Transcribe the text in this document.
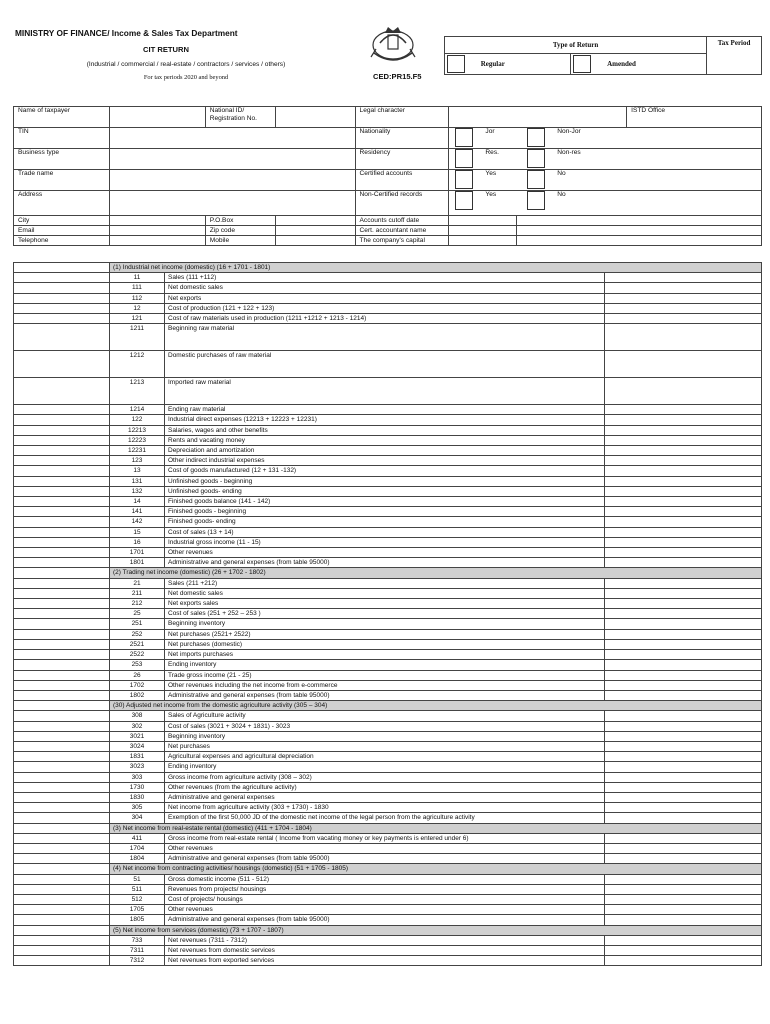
MINISTRY OF FINANCE/ Income & Sales Tax Department
CIT RETURN
(Industrial / commercial / real-estate / contractors / services / others)
For tax periods 2020 and beyond	CED:PR15.F5
Type of Return		Tax Period
Regular	Amended	
Name of taxpayer		National ID/ Registration No.		Legal character			ISTD Office
TIN				Nationality	Jor Non-Jor		
Business type				Residency	Res. Non-res		
Trade name				Certified accounts	Yes No		
Address				Non-Certified records	Yes No		
City		P.O.Box		Accounts cutoff date			
Email		Zip code		Cert. accountant name			
Telephone		Mobile		The company's capital			
	(1) Industrial net income (domestic) (16 + 1701 - 1801)		
	11	Sales (111 +112)	
	111	Net domestic sales	
	112	Net exports	
	12	Cost of production (121 + 122 + 123)	
	121	Cost of raw materials used in production (1211 +1212 + 1213 - 1214)	
	1211	Beginning raw material	
	1212	Domestic purchases of raw material	
	1213	Imported raw material	
	1214	Ending raw material	
	122	Industrial direct expenses (12213 + 12223 + 12231)	
	12213	Salaries, wages and other benefits	
	12223	Rents and vacating money	
	12231	Depreciation and amortization	
	123	Other indirect industrial expenses	
	13	Cost of goods manufactured (12 + 131 -132)	
	131	Unfinished goods - beginning	
	132	Unfinished goods- ending	
	14	Finished goods balance (141 - 142)	
	141	Finished goods - beginning	
	142	Finished goods- ending	
	15	Cost of sales (13 + 14)	
	16	Industrial gross income (11 - 15)	
	1701	Other revenues	
	1801	Administrative and general expenses (from table 95000)	
	(2) Trading net income (domestic) (26 + 1702 - 1802)		
	21	Sales (211 +212)	
	211	Net domestic sales	
	212	Net exports sales	
	25	Cost of sales (251 + 252 – 253 )	
	251	Beginning inventory	
	252	Net purchases (2521+ 2522)	
	2521	Net purchases (domestic)	
	2522	Net imports purchases	
	253	Ending inventory	
	26	Trade gross income (21 - 25)	
	1702	Other revenues including the net income from e-commerce	
	1802	Administrative and general expenses (from table 95000)	
	(30) Adjusted net income from the domestic agriculture activity (305 – 304)		
	308	Sales of Agriculture activity	
	302	Cost of sales (3021 + 3024 + 1831) - 3023	
	3021	Beginning inventory	
	3024	Net purchases	
	1831	Agricultural expenses and agricultural depreciation	
	3023	Ending inventory	
	303	Gross income from agriculture activity (308 – 302)	
	1730	Other revenues (from the agriculture activity)	
	1830	Administrative and general expenses	
	305	Net income from agriculture activity (303 + 1730) - 1830	
	304	Exemption of the first 50,000 JD of the domestic net income of the legal person from the agriculture activity	
	(3) Net income from real-estate rental (domestic) (411 + 1704 - 1804)		
	411	Gross income from real-estate rental ( Income from vacating money or key payments is entered under 6)	
	1704	Other revenues	
	1804	Administrative and general expenses (from table 95000)	
	(4) Net income from contracting activities/ housings (domestic) (51 + 1705 - 1805)		
	51	Gross domestic income (511 - 512)	
	511	Revenues from projects/ housings	
	512	Cost of projects/ housings	
	1705	Other revenues	
	1805	Administrative and general expenses (from table 95000)	
	(5) Net income from services (domestic) (73 + 1707 - 1807)		
	733	Net revenues (7311 - 7312)	
	7311	Net revenues from domestic services	
	7312	Net revenues from exported services	
